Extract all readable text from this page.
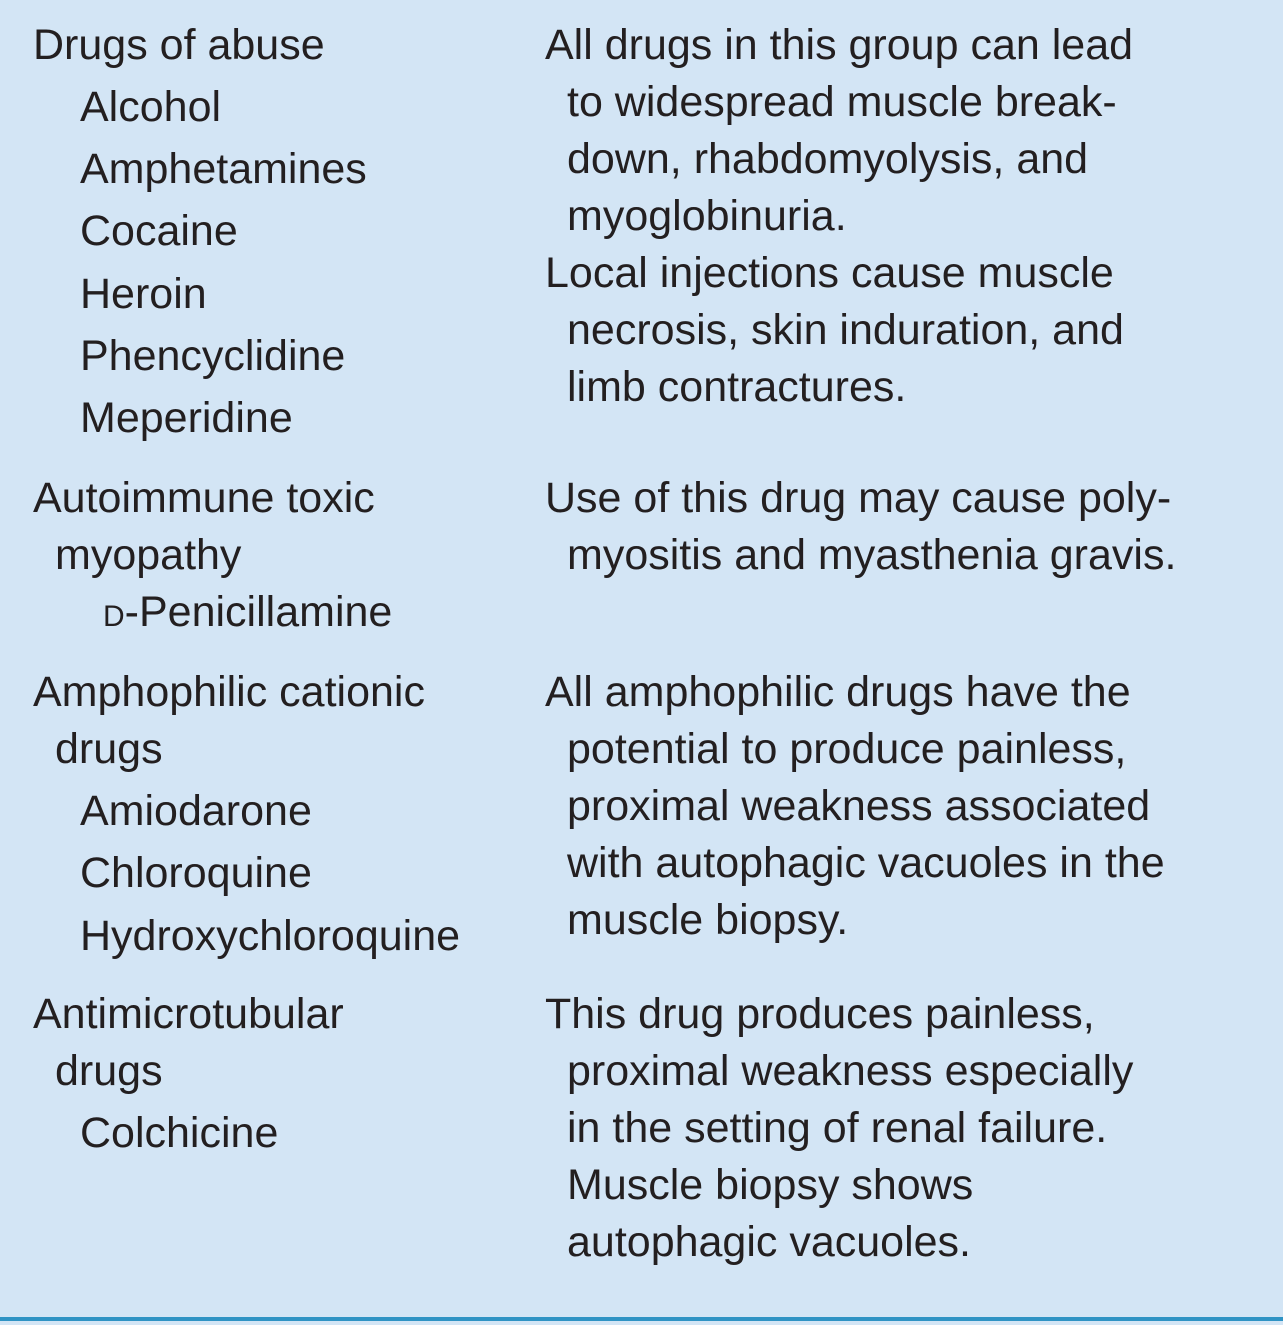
Drugs of abuse
Alcohol
Amphetamines
Cocaine
Heroin
Phencyclidine
Meperidine
All drugs in this group can lead
to widespread muscle break-
down, rhabdomyolysis, and
myoglobinuria.
Local injections cause muscle
necrosis, skin induration, and
limb contractures.
Autoimmune toxic
myopathy
d-Penicillamine
Use of this drug may cause poly-
myositis and myasthenia gravis.
Amphophilic cationic
drugs
Amiodarone
Chloroquine
Hydroxychloroquine
All amphophilic drugs have the
potential to produce painless,
proximal weakness associated
with autophagic vacuoles in the
muscle biopsy.
Antimicrotubular
drugs
Colchicine
This drug produces painless,
proximal weakness especially
in the setting of renal failure.
Muscle biopsy shows
autophagic vacuoles.
